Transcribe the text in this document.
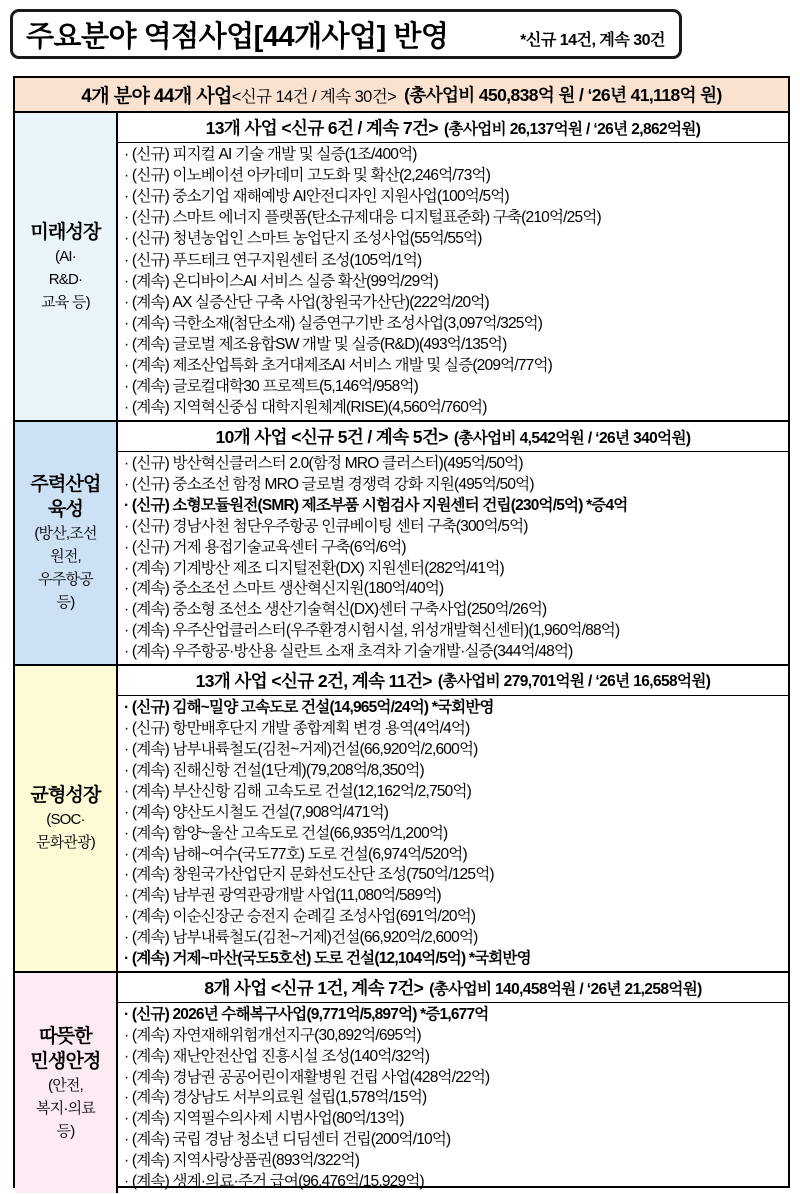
주요분야 역점사업[44개사업] 반영	*신규 14건, 계속 30건
4개 분야 44개 사업 <신규 14건 / 계속 30건> (총사업비 450,838억 원 / ‘26년 41,118억 원)
미래성장
(AI·
R&D·
교육 등)
13개 사업 <신규 6건 / 계속 7건> (총사업비 26,137억원 / ‘26년 2,862억원)
· (신규) 피지컬 AI 기술 개발 및 실증(1조/400억)
· (신규) 이노베이션 아카데미 고도화 및 확산(2,246억/73억)
· (신규) 중소기업 재해예방 AI안전디자인 지원사업(100억/5억)
· (신규) 스마트 에너지 플랫폼(탄소규제대응 디지털표준화) 구축(210억/25억)
· (신규) 청년농업인 스마트 농업단지 조성사업(55억/55억)
· (신규) 푸드테크 연구지원센터 조성(105억/1억)
· (계속) 온디바이스AI 서비스 실증 확산(99억/29억)
· (계속) AX 실증산단 구축 사업(창원국가산단)(222억/20억)
· (계속) 극한소재(첨단소재) 실증연구기반 조성사업(3,097억/325억)
· (계속) 글로벌 제조융합SW 개발 및 실증(R&D)(493억/135억)
· (계속) 제조산업특화 초거대제조AI 서비스 개발 및 실증(209억/77억)
· (계속) 글로컬대학30 프로젝트(5,146억/958억)
· (계속) 지역혁신중심 대학지원체계(RISE)(4,560억/760억)
주력산업
육성
(방산,조선
원전,
우주항공
등)
10개 사업 <신규 5건 / 계속 5건> (총사업비 4,542억원 / ‘26년 340억원)
· (신규) 방산혁신클러스터 2.0(함정 MRO 클러스터)(495억/50억)
· (신규) 중소조선 함정 MRO 글로벌 경쟁력 강화 지원(495억/50억)
· (신규) 소형모듈원전(SMR) 제조부품 시험검사 지원센터 건립(230억/5억) *증4억
· (신규) 경남사천 첨단우주항공 인큐베이팅 센터 구축(300억/5억)
· (신규) 거제 용접기술교육센터 구축(6억/6억)
· (계속) 기계방산 제조 디지털전환(DX) 지원센터(282억/41억)
· (계속) 중소조선 스마트 생산혁신지원(180억/40억)
· (계속) 중소형 조선소 생산기술혁신(DX)센터 구축사업(250억/26억)
· (계속) 우주산업클러스터(우주환경시험시설, 위성개발혁신센터)(1,960억/88억)
· (계속) 우주항공·방산용 실란트 소재 초격차 기술개발·실증(344억/48억)
균형성장
(SOC·
문화관광)
13개 사업 <신규 2건, 계속 11건> (총사업비 279,701억원 / ‘26년 16,658억원)
· (신규) 김해~밀양 고속도로 건설(14,965억/24억) *국회반영
· (신규) 항만배후단지 개발 종합계획 변경 용역(4억/4억)
· (계속) 남부내륙철도(김천~거제)건설(66,920억/2,600억)
· (계속) 진해신항 건설(1단계)(79,208억/8,350억)
· (계속) 부산신항 김해 고속도로 건설(12,162억/2,750억)
· (계속) 양산도시철도 건설(7,908억/471억)
· (계속) 함양~울산 고속도로 건설(66,935억/1,200억)
· (계속) 남해~여수(국도77호) 도로 건설(6,974억/520억)
· (계속) 창원국가산업단지 문화선도산단 조성(750억/125억)
· (계속) 남부권 광역관광개발 사업(11,080억/589억)
· (계속) 이순신장군 승전지 순례길 조성사업(691억/20억)
· (계속) 남부내륙철도(김천~거제)건설(66,920억/2,600억)
· (계속) 거제~마산(국도5호선) 도로 건설(12,104억/5억) *국회반영
따뜻한
민생안정
(안전,
복지·의료
등)
8개 사업 <신규 1건, 계속 7건> (총사업비 140,458억원 / ‘26년 21,258억원)
· (신규) 2026년 수해복구사업(9,771억/5,897억) *증1,677억
· (계속) 자연재해위험개선지구(30,892억/695억)
· (계속) 재난안전산업 진흥시설 조성(140억/32억)
· (계속) 경남권 공공어린이재활병원 건립 사업(428억/22억)
· (계속) 경상남도 서부의료원 설립(1,578억/15억)
· (계속) 지역필수의사제 시범사업(80억/13억)
· (계속) 국립 경남 청소년 디딤센터 건립(200억/10억)
· (계속) 지역사랑상품권(893억/322억)
· (계속) 생계·의료·주거 급여(96,476억/15,929억)
